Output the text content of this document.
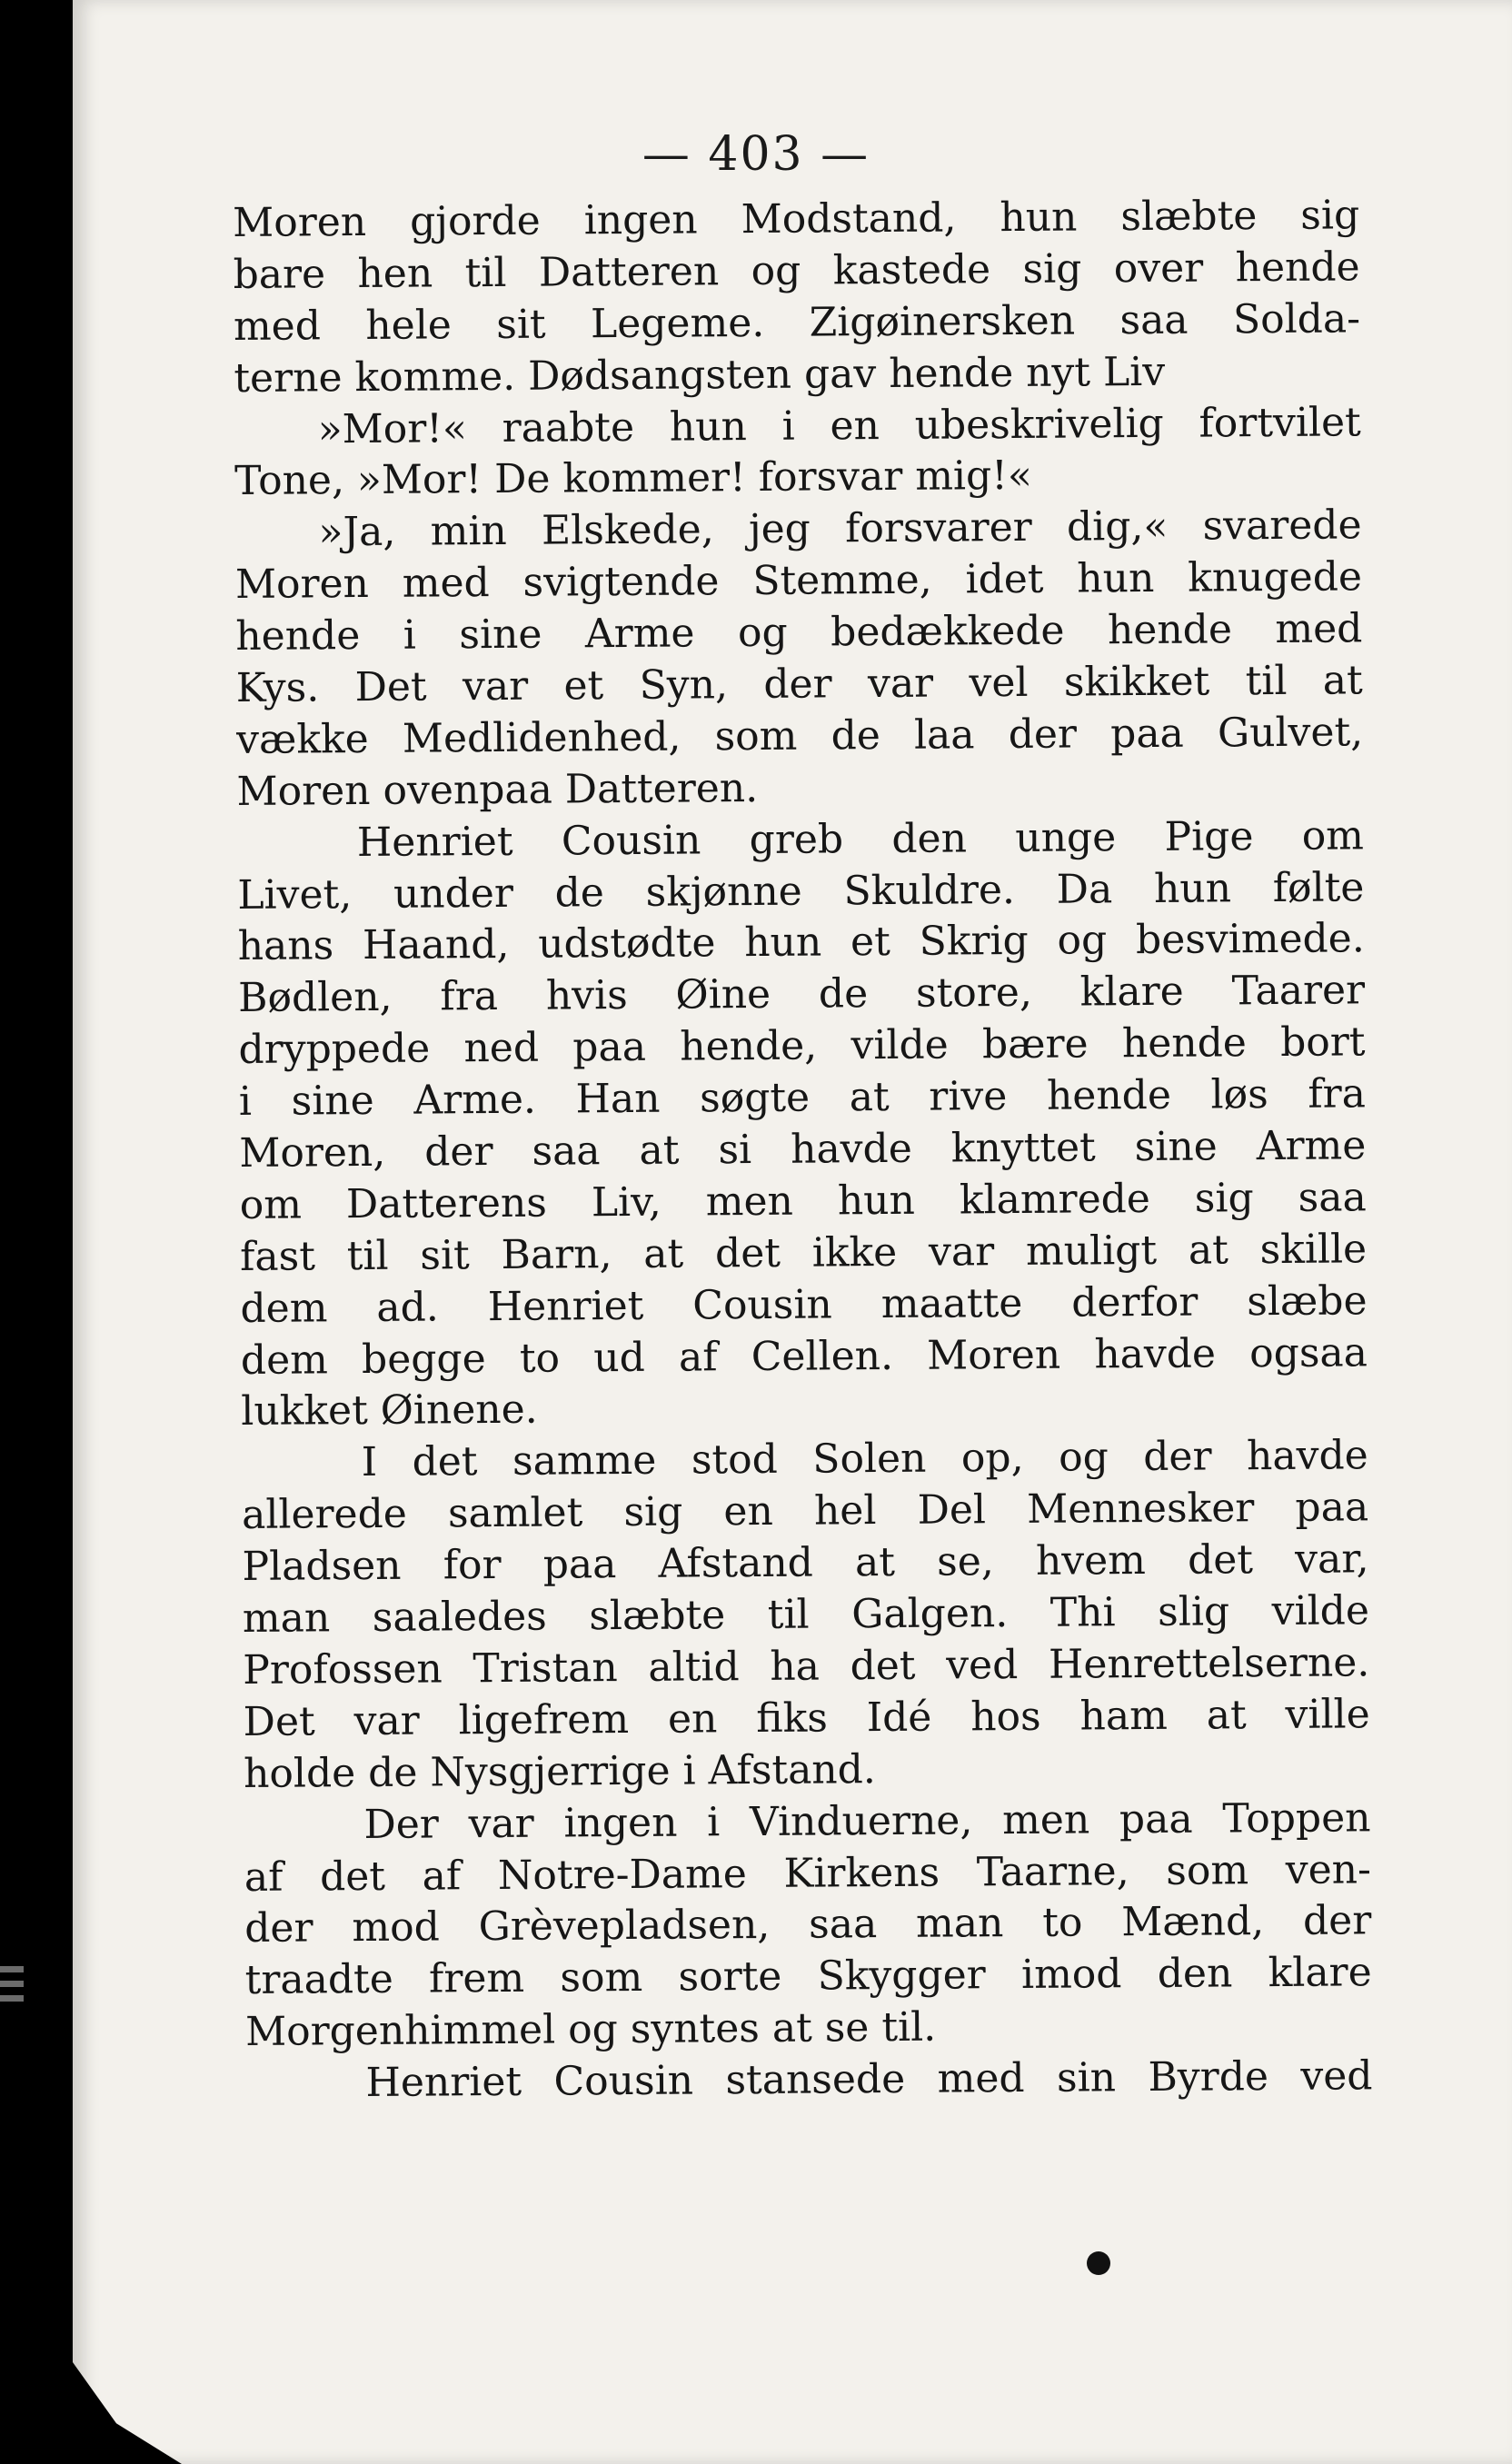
— 403 —
Moren gjorde ingen Modstand, hun slæbte sig
bare hen til Datteren og kastede sig over hende
med hele sit Legeme. Zigøinersken saa Solda-
terne komme. Dødsangsten gav hende nyt Liv
»Mor!« raabte hun i en ubeskrivelig fortvilet
Tone, »Mor! De kommer! forsvar mig!«
»Ja, min Elskede, jeg forsvarer dig,« svarede
Moren med svigtende Stemme, idet hun knugede
hende i sine Arme og bedækkede hende med
Kys. Det var et Syn, der var vel skikket til at
vække Medlidenhed, som de laa der paa Gulvet,
Moren ovenpaa Datteren.
Henriet Cousin greb den unge Pige om
Livet, under de skjønne Skuldre. Da hun følte
hans Haand, udstødte hun et Skrig og besvimede.
Bødlen, fra hvis Øine de store, klare Taarer
dryppede ned paa hende, vilde bære hende bort
i sine Arme. Han søgte at rive hende løs fra
Moren, der saa at si havde knyttet sine Arme
om Datterens Liv, men hun klamrede sig saa
fast til sit Barn, at det ikke var muligt at skille
dem ad. Henriet Cousin maatte derfor slæbe
dem begge to ud af Cellen. Moren havde ogsaa
lukket Øinene.
I det samme stod Solen op, og der havde
allerede samlet sig en hel Del Mennesker paa
Pladsen for paa Afstand at se, hvem det var,
man saaledes slæbte til Galgen. Thi slig vilde
Profossen Tristan altid ha det ved Henrettelserne.
Det var ligefrem en fiks Idé hos ham at ville
holde de Nysgjerrige i Afstand.
Der var ingen i Vinduerne, men paa Toppen
af det af Notre-Dame Kirkens Taarne, som ven-
der mod Grèvepladsen, saa man to Mænd, der
traadte frem som sorte Skygger imod den klare
Morgenhimmel og syntes at se til.
Henriet Cousin stansede med sin Byrde ved
